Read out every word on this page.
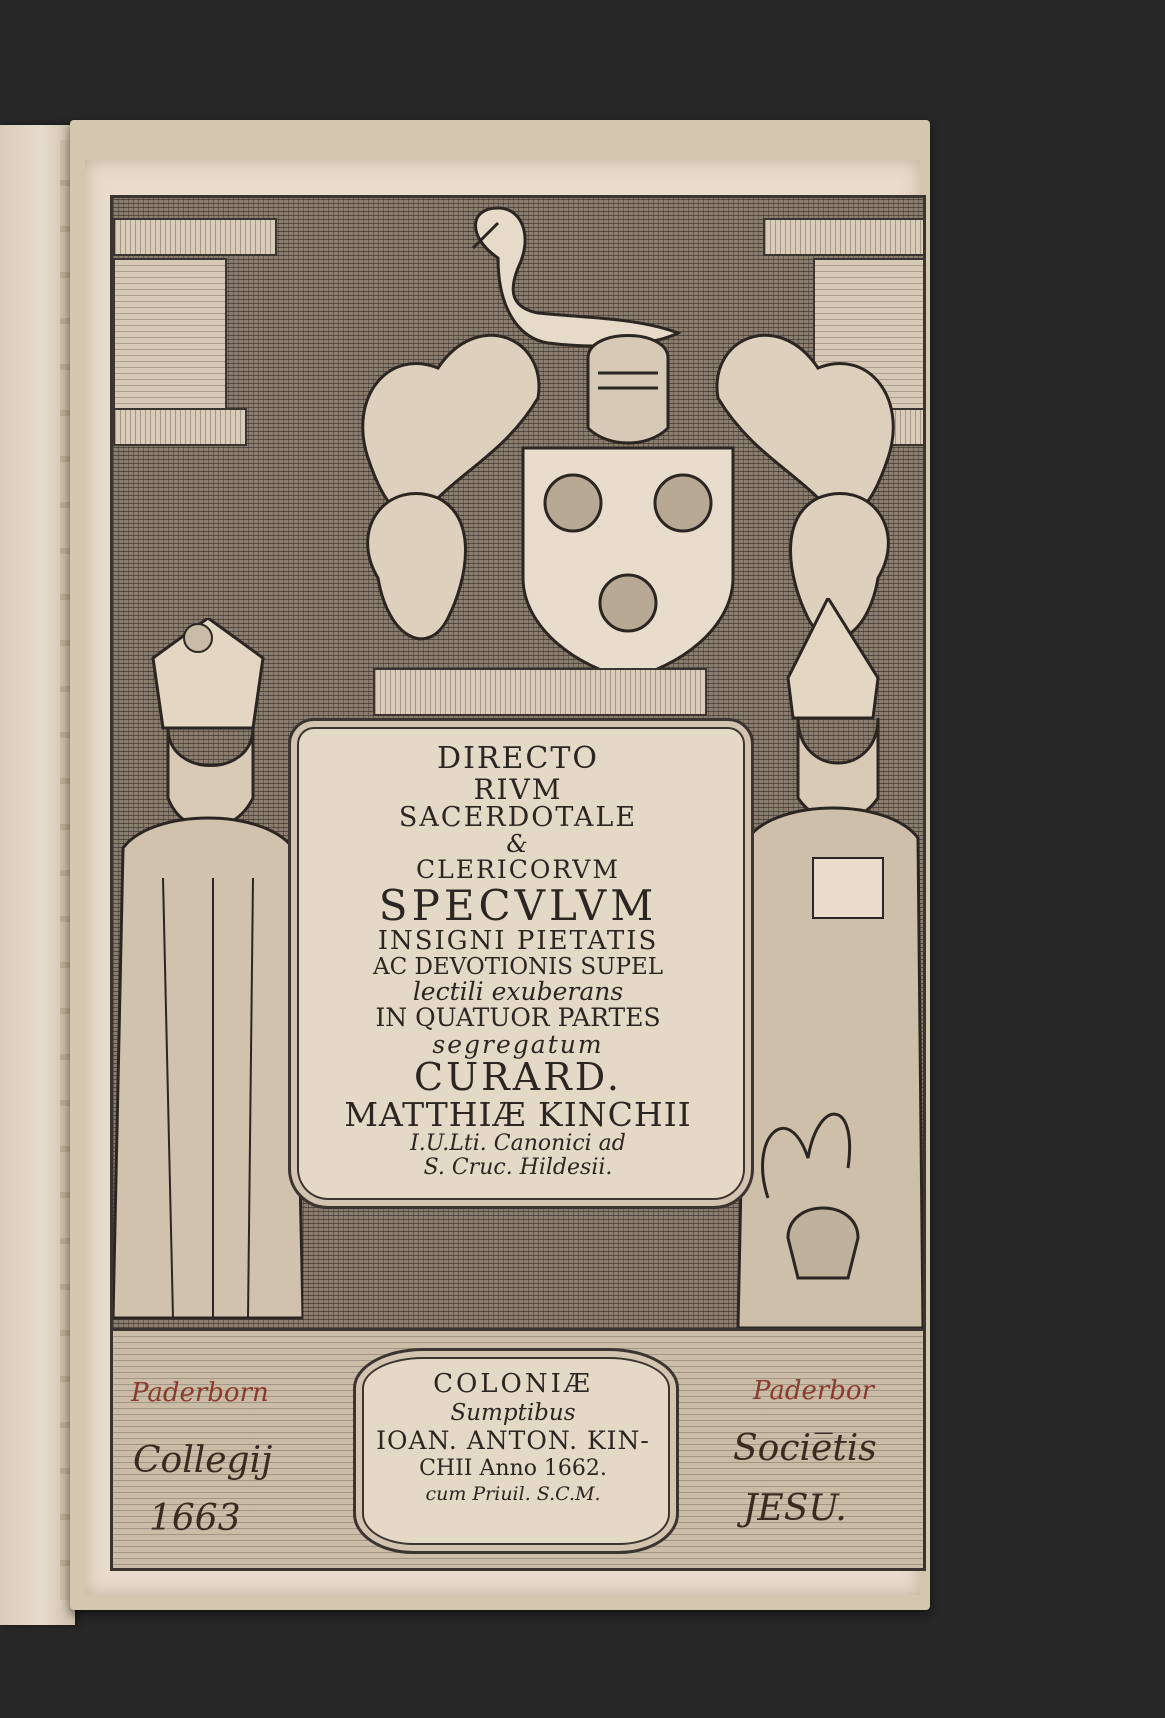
DIRECTO
RIVM
SACERDOTALE
&
CLERICORVM
SPECVLVM
INSIGNI PIETATIS
AC DEVOTIONIS SUPEL
lectili exuberans
IN QUATUOR PARTES
segregatum
CURARD.
MATTHIÆ KINCHII
I.U.Lti. Canonici ad
S. Cruc. Hildesii.
COLONIÆ
Sumptibus
IOAN. ANTON. KIN-
CHII Anno 1662.
cum Priuil. S.C.M.
Paderborn	Paderbor
Collegij
1663
Socie̅tis
JESU.
